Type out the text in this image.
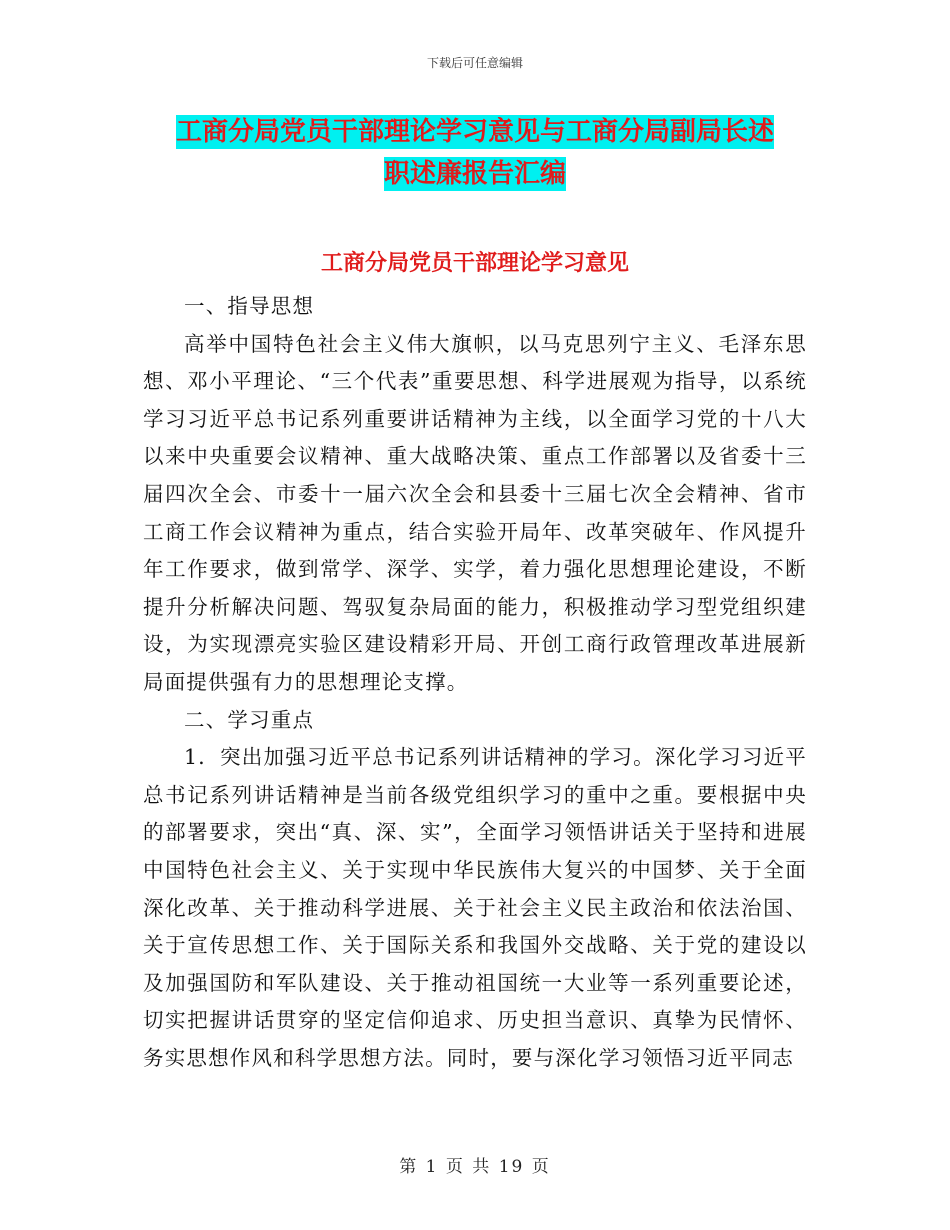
下载后可任意编辑
工商分局党员干部理论学习意见与工商分局副局长述
职述廉报告汇编
工商分局党员干部理论学习意见

一、指导思想

高举中国特色社会主义伟大旗帜，以马克思列宁主义、毛泽东思想、邓小平理论、“三个代表”重要思想、科学进展观为指导，以系统学习习近平总书记系列重要讲话精神为主线，以全面学习党的十八大以来中央重要会议精神、重大战略决策、重点工作部署以及省委十三届四次全会、市委十一届六次全会和县委十三届七次全会精神、省市工商工作会议精神为重点，结合实验开局年、改革突破年、作风提升年工作要求，做到常学、深学、实学，着力强化思想理论建设，不断提升分析解决问题、驾驭复杂局面的能力，积极推动学习型党组织建设，为实现漂亮实验区建设精彩开局、开创工商行政管理改革进展新局面提供强有力的思想理论支撑。

二、学习重点

1．突出加强习近平总书记系列讲话精神的学习。深化学习习近平总书记系列讲话精神是当前各级党组织学习的重中之重。要根据中央的部署要求，突出“真、深、实”，全面学习领悟讲话关于坚持和进展中国特色社会主义、关于实现中华民族伟大复兴的中国梦、关于全面深化改革、关于推动科学进展、关于社会主义民主政治和依法治国、关于宣传思想工作、关于国际关系和我国外交战略、关于党的建设以及加强国防和军队建设、关于推动祖国统一大业等一系列重要论述，切实把握讲话贯穿的坚定信仰追求、历史担当意识、真挚为民情怀、务实思想作风和科学思想方法。同时，要与深化学习领悟习近平同志

第 1 页 共 19 页
